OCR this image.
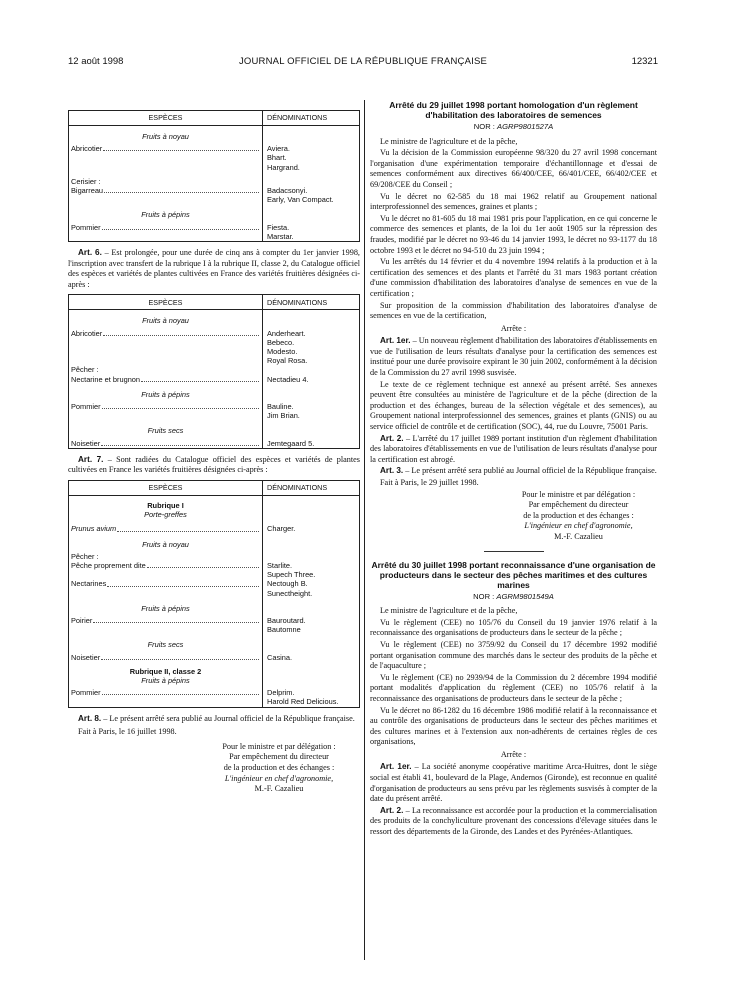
12 août 1998	JOURNAL OFFICIEL DE LA RÉPUBLIQUE FRANÇAISE	12321
ESPÈCES	DÉNOMINATIONS
Fruits à noyau	

Abricotier	Aviera.
Bhart.
Hargrand.

Cerisier :	

Bigarreau	Badacsonyi.
Early, Van Compact.

Fruits à pépins	

Pommier	Fiesta.
Marstar.

Art. 6. – Est prolongée, pour une durée de cinq ans à compter du 1er janvier 1998, l'inscription avec transfert de la rubrique I à la rubrique II, classe 2, du Catalogue officiel des espèces et variétés de plantes cultivées en France des variétés fruitières désignées ci-après :

ESPÈCES	DÉNOMINATIONS
Fruits à noyau	

Abricotier	Anderheart.
Bebeco.
Modesto.
Royal Rosa.

Pêcher :	

Nectarine et brugnon	Nectadieu 4.

Fruits à pépins	

Pommier	Bauline.
Jim Brian.

Fruits secs	

Noisetier	Jemtegaard 5.

Art. 7. – Sont radiées du Catalogue officiel des espèces et variétés de plantes cultivées en France les variétés fruitières désignées ci-après :

ESPÈCES	DÉNOMINATIONS
Rubrique I	
Porte-greffes	

Prunus avium	Charger.

Fruits à noyau	
Pêcher :	

Pêche proprement dite	Starlite.
Supech Three.

Nectarines	Nectough B.
Sunectheight.

Fruits à pépins	

Poirier	Bauroutard.
Bautomne

Fruits secs	

Noisetier	Casina.

Rubrique II, classe 2	
Fruits à pépins	

Pommier	Delprim.
Harold Red Delicious.

Art. 8. – Le présent arrêté sera publié au Journal officiel de la République française.

Fait à Paris, le 16 juillet 1998.

Pour le ministre et par délégation :

Par empêchement du directeur

de la production et des échanges :

L'ingénieur en chef d'agronomie,

M.-F. Cazalieu

Arrêté du 29 juillet 1998 portant homologation d'un règlement d'habilitation des laboratoires de semences
NOR : AGRP9801527A

Le ministre de l'agriculture et de la pêche,

Vu la décision de la Commission européenne 98/320 du 27 avril 1998 concernant l'organisation d'une expérimentation temporaire d'échantillonnage et d'essai de semences conformément aux directives 66/400/CEE, 66/401/CEE, 66/402/CEE et 69/208/CEE du Conseil ;

Vu le décret no 62-585 du 18 mai 1962 relatif au Groupement national interprofessionnel des semences, graines et plants ;

Vu le décret no 81-605 du 18 mai 1981 pris pour l'application, en ce qui concerne le commerce des semences et plants, de la loi du 1er août 1905 sur la répression des fraudes, modifié par le décret no 93-46 du 14 janvier 1993, le décret no 93-1177 du 18 octobre 1993 et le décret no 94-510 du 23 juin 1994 ;

Vu les arrêtés du 14 février et du 4 novembre 1994 relatifs à la production et à la certification des semences et des plants et l'arrêté du 31 mars 1983 portant création d'une commission d'habilitation des laboratoires d'analyse de semences en vue de la certification ;

Sur proposition de la commission d'habilitation des laboratoires d'analyse de semences en vue de la certification,

Arrête :

Art. 1er. – Un nouveau règlement d'habilitation des laboratoires d'établissements en vue de l'utilisation de leurs résultats d'analyse pour la certification des semences est institué pour une durée provisoire expirant le 30 juin 2002, conformément à la décision de la Commission du 27 avril 1998 susvisée.

Le texte de ce règlement technique est annexé au présent arrêté. Ses annexes peuvent être consultées au ministère de l'agriculture et de la pêche (direction de la production et des échanges, bureau de la sélection végétale et des semences), au Groupement national interprofessionnel des semences, graines et plants (GNIS) ou au service officiel de contrôle et de certification (SOC), 44, rue du Louvre, 75001 Paris.

Art. 2. – L'arrêté du 17 juillet 1989 portant institution d'un règlement d'habilitation des laboratoires d'établissements en vue de l'utilisation de leurs résultats d'analyse pour la certification est abrogé.

Art. 3. – Le présent arrêté sera publié au Journal officiel de la République française.

Fait à Paris, le 29 juillet 1998.

Pour le ministre et par délégation :

Par empêchement du directeur

de la production et des échanges :

L'ingénieur en chef d'agronomie,

M.-F. Cazalieu

Arrêté du 30 juillet 1998 portant reconnaissance d'une organisation de producteurs dans le secteur des pêches maritimes et des cultures marines
NOR : AGRM9801549A

Le ministre de l'agriculture et de la pêche,

Vu le règlement (CEE) no 105/76 du Conseil du 19 janvier 1976 relatif à la reconnaissance des organisations de producteurs dans le secteur de la pêche ;

Vu le règlement (CEE) no 3759/92 du Conseil du 17 décembre 1992 modifié portant organisation commune des marchés dans le secteur des produits de la pêche et de l'aquaculture ;

Vu le règlement (CE) no 2939/94 de la Commission du 2 décembre 1994 modifié portant modalités d'application du règlement (CEE) no 105/76 relatif à la reconnaissance des organisations de producteurs dans le secteur de la pêche ;

Vu le décret no 86-1282 du 16 décembre 1986 modifié relatif à la reconnaissance et au contrôle des organisations de producteurs dans le secteur des pêches maritimes et des cultures marines et à l'extension aux non-adhérents de certaines règles de ces organisations,

Arrête :

Art. 1er. – La société anonyme coopérative maritime Arca-Huitres, dont le siège social est établi 41, boulevard de la Plage, Andernos (Gironde), est reconnue en qualité d'organisation de producteurs au sens prévu par les règlements susvisés à compter de la date du présent arrêté.

Art. 2. – La reconnaissance est accordée pour la production et la commercialisation des produits de la conchyliculture provenant des concessions d'élevage situées dans le ressort des départements de la Gironde, des Landes et des Pyrénées-Atlantiques.
